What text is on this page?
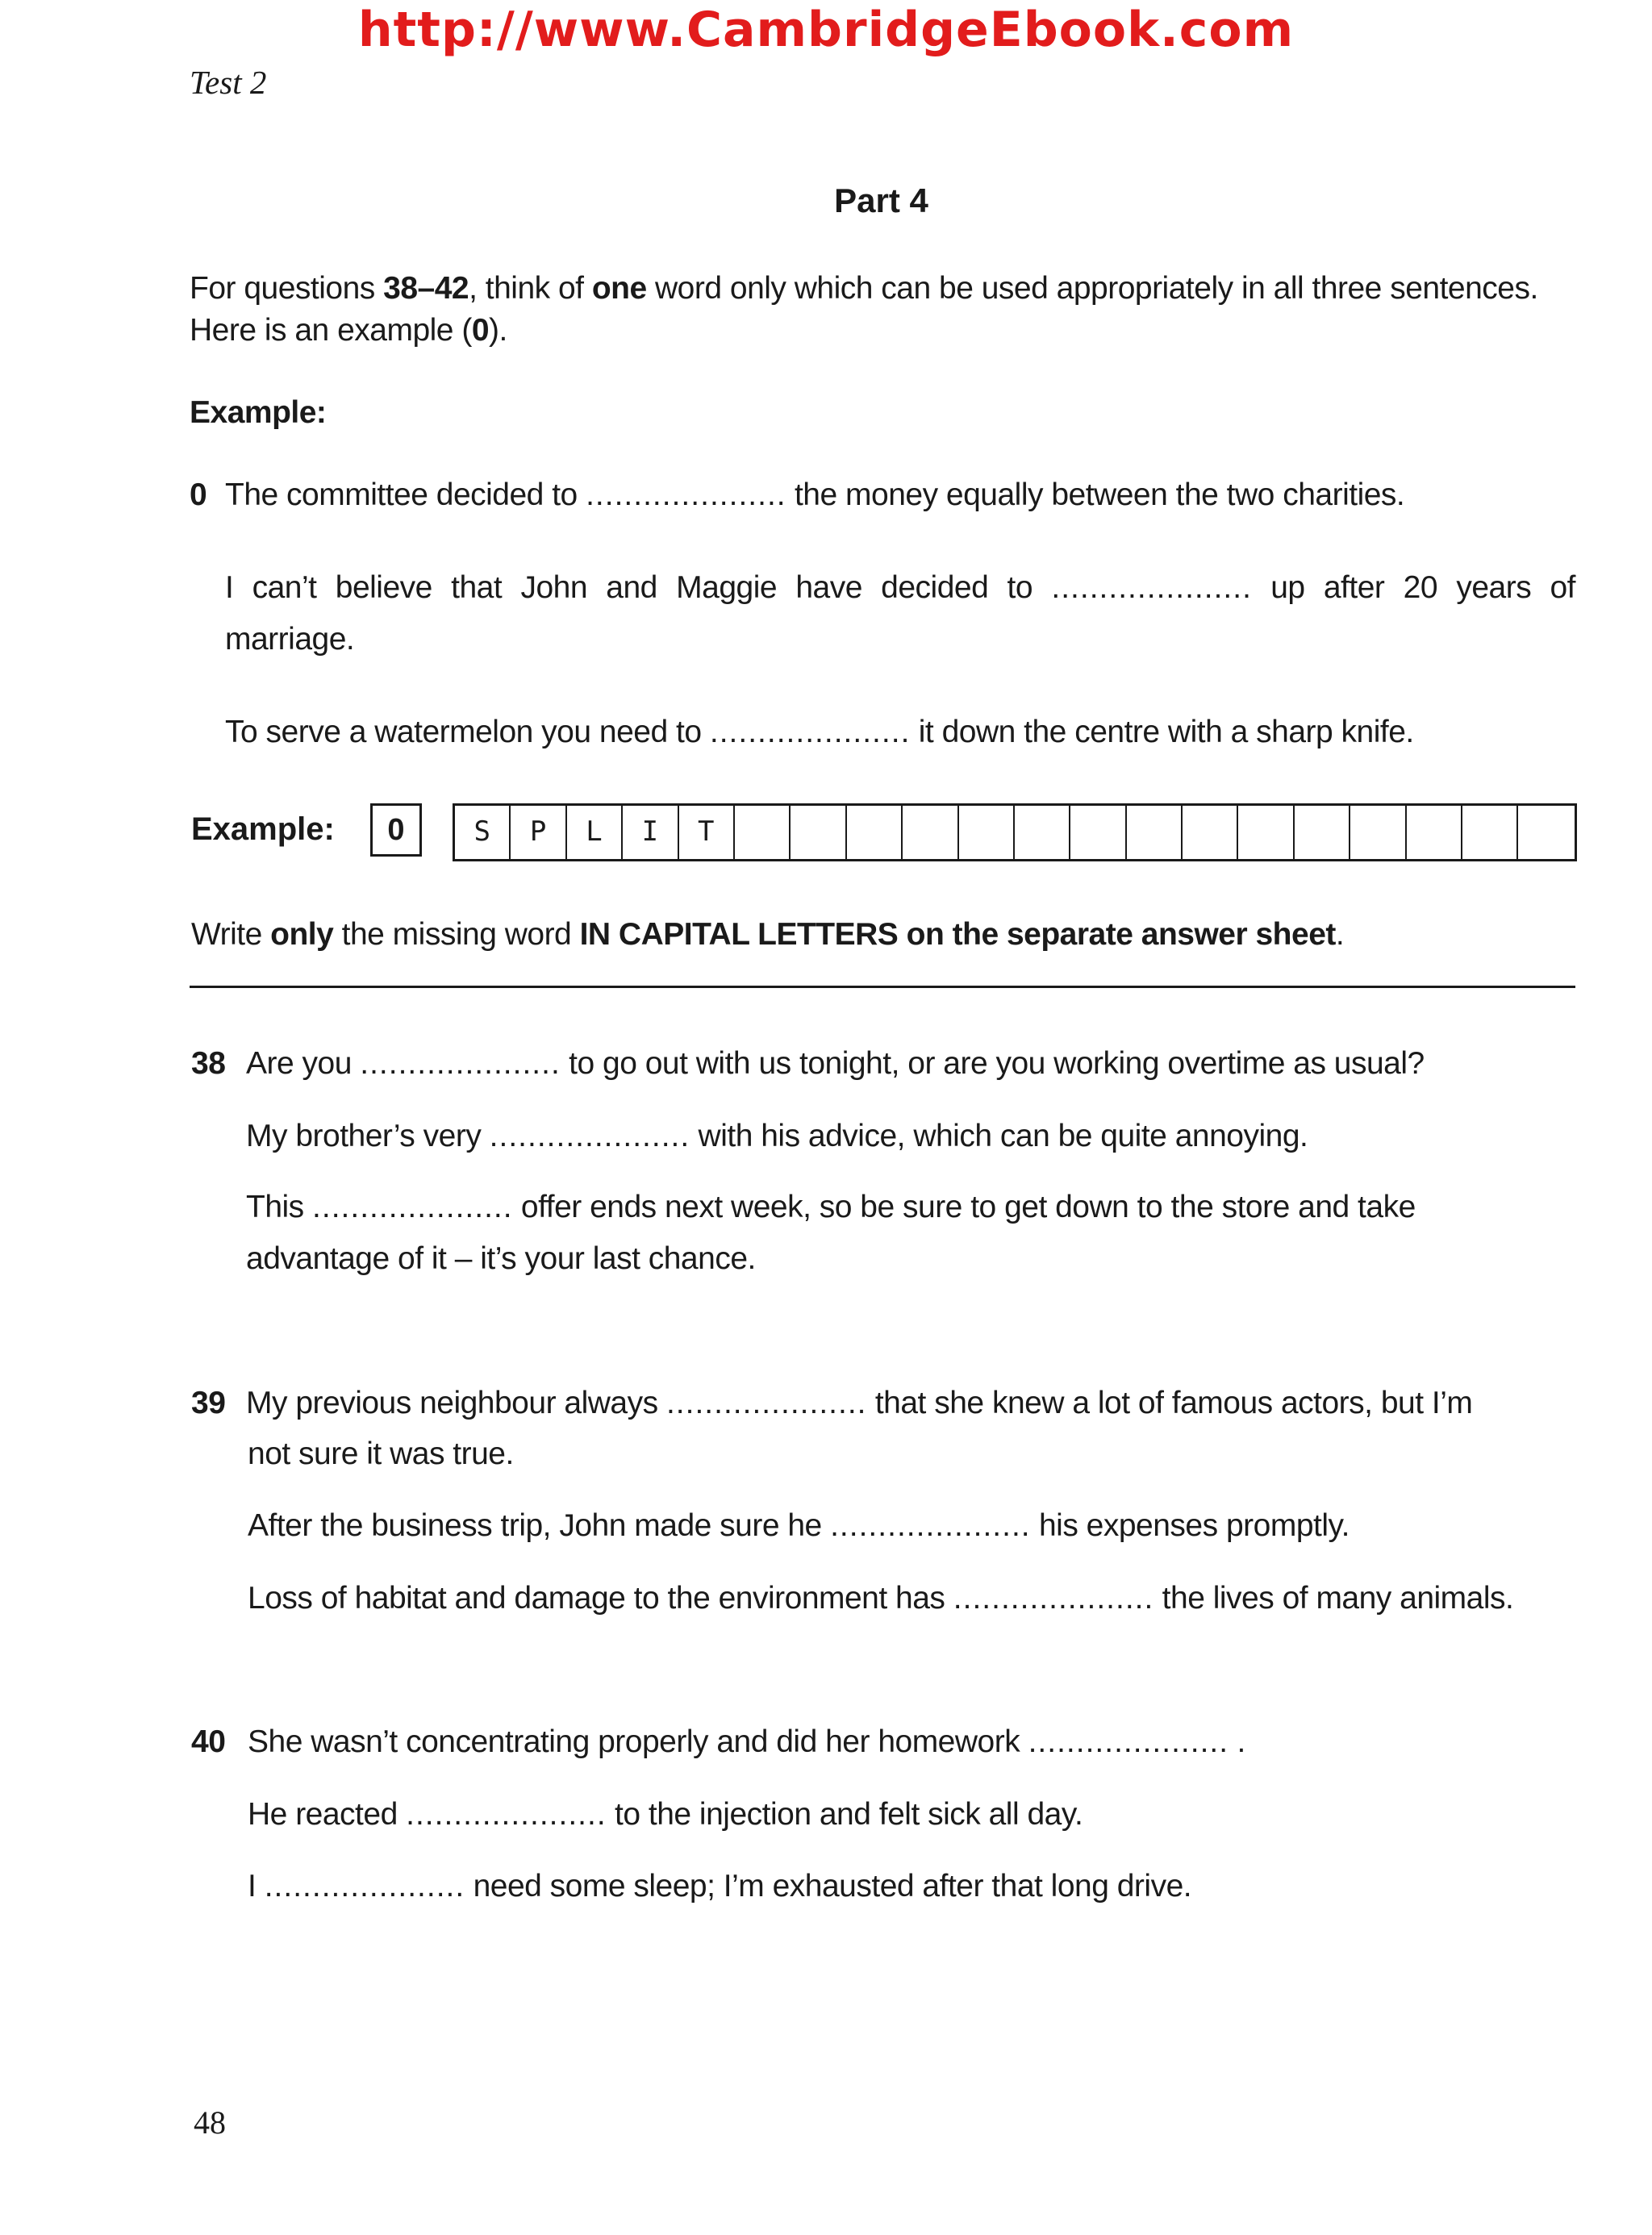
http://www.CambridgeEbook.com
Test 2
Part 4
For questions 38–42, think of one word only which can be used appropriately in all three sentences.
Here is an example (0).
Example:
0 The committee decided to ..................... the money equally between the two charities.
I can’t believe that John and Maggie have decided to ..................... up after 20 years of
marriage.
To serve a watermelon you need to ..................... it down the centre with a sharp knife.
Example:	0	S	P	L	I	T
Write only the missing word IN CAPITAL LETTERS on the separate answer sheet.
38 Are you ..................... to go out with us tonight, or are you working overtime as usual?
My brother’s very ..................... with his advice, which can be quite annoying.
This ..................... offer ends next week, so be sure to get down to the store and take
advantage of it – it’s your last chance.
39 My previous neighbour always ..................... that she knew a lot of famous actors, but I’m
not sure it was true.
After the business trip, John made sure he ..................... his expenses promptly.
Loss of habitat and damage to the environment has ..................... the lives of many animals.
40 She wasn’t concentrating properly and did her homework ..................... .
He reacted ..................... to the injection and felt sick all day.
I ..................... need some sleep; I’m exhausted after that long drive.
48
